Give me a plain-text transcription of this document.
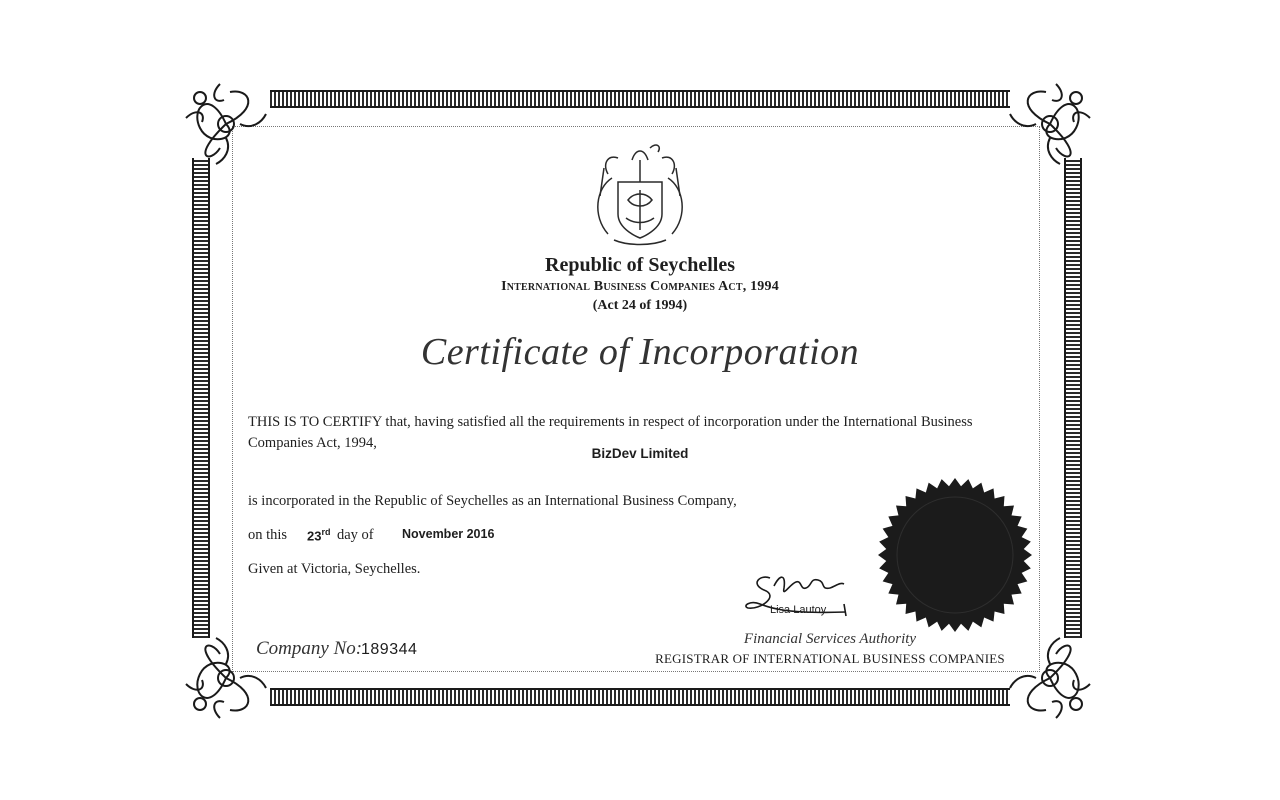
Republic of Seychelles
International Business Companies Act, 1994
(Act 24 of 1994)
Certificate of Incorporation
THIS IS TO CERTIFY that, having satisfied all the requirements in respect of incorporation under the International Business Companies Act, 1994,
BizDev Limited
is incorporated in the Republic of Seychelles as an International Business Company,
on this 23rd day of November 2016
Given at Victoria, Seychelles.
Lisa Lautoy
Company No:
189344
Financial Services Authority
REGISTRAR OF INTERNATIONAL BUSINESS COMPANIES
